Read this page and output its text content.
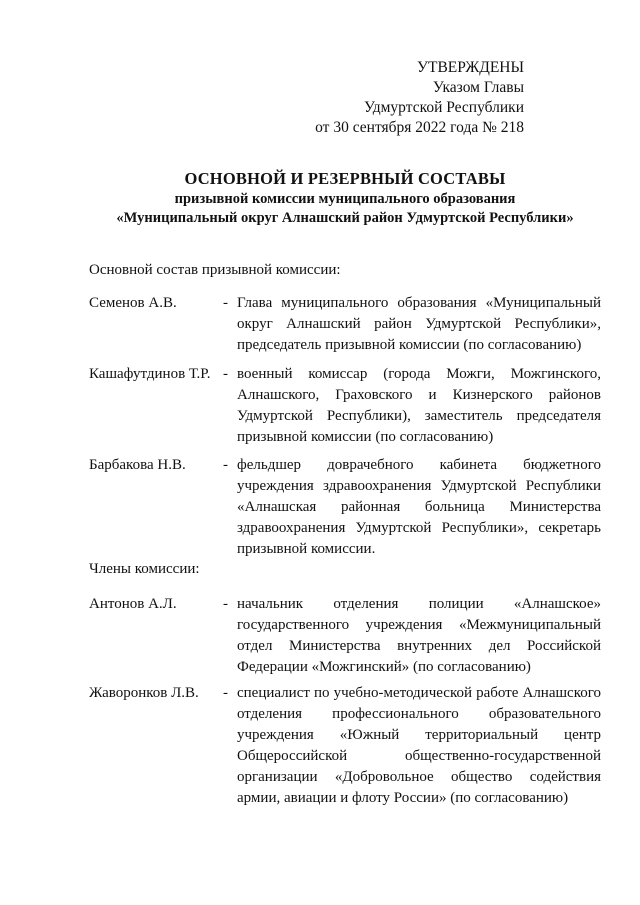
УТВЕРЖДЕНЫ
Указом Главы
Удмуртской Республики
от 30 сентября 2022 года № 218
ОСНОВНОЙ И РЕЗЕРВНЫЙ СОСТАВЫ
призывной комиссии муниципального образования
«Муниципальный округ Алнашский район Удмуртской Республики»
Основной состав призывной комиссии:
Семенов А.В.	- Глава муниципального образования «Муниципальный округ Алнашский район Удмуртской Республики», председатель призывной комиссии (по согласованию)
Кашафутдинов Т.Р. - военный комиссар (города Можги, Можгинского, Алнашского, Граховского и Кизнерского районов Удмуртской Республики), заместитель председателя призывной комиссии (по согласованию)
Барбакова Н.В.	- фельдшер доврачебного кабинета бюджетного учреждения здравоохранения Удмуртской Республики «Алнашская районная больница Министерства здравоохранения Удмуртской Республики», секретарь призывной комиссии.
Члены комиссии:
Антонов А.Л.	- начальник отделения полиции «Алнашское» государственного учреждения «Межмуниципальный отдел Министерства внутренних дел Российской Федерации «Можгинский» (по согласованию)
Жаворонков Л.В.	- специалист по учебно-методической работе Алнашского отделения профессионального образовательного учреждения «Южный территориальный центр Общероссийской общественно-государственной организации «Добровольное общество содействия армии, авиации и флоту России» (по согласованию)
